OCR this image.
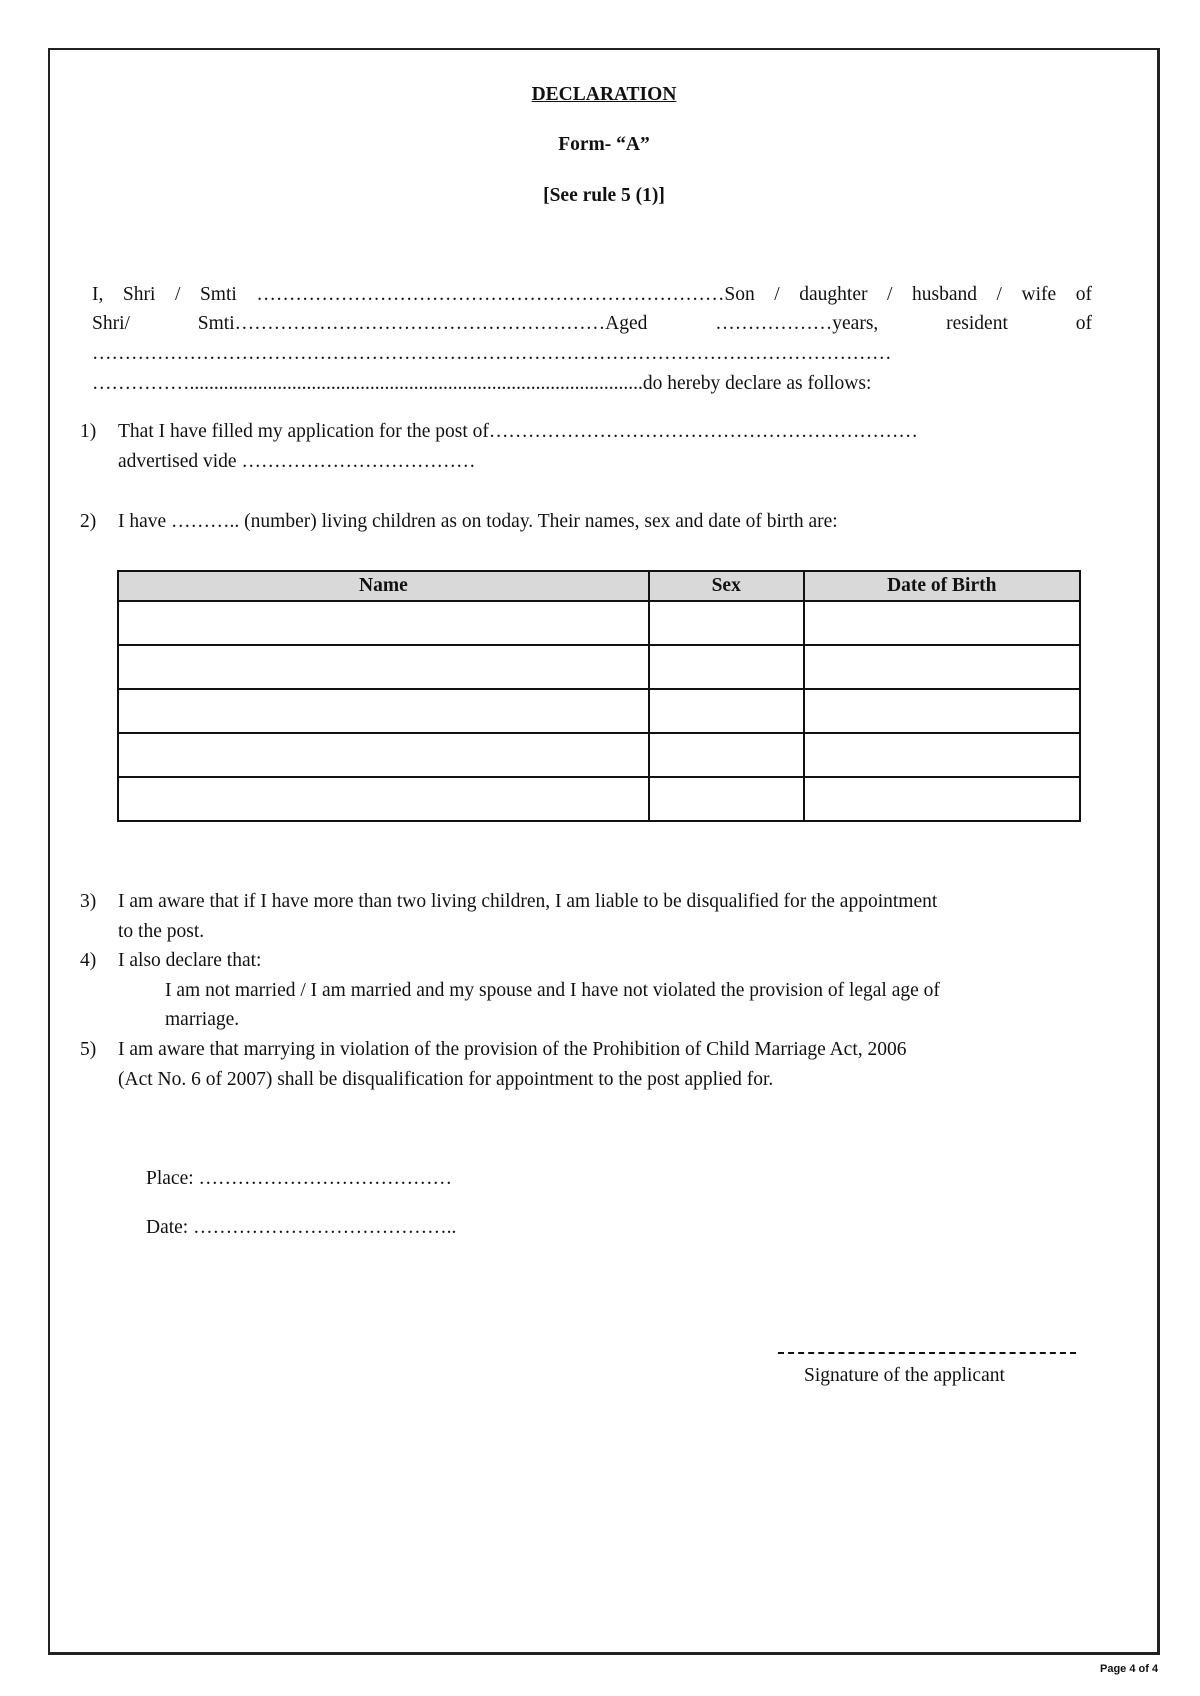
DECLARATION
Form- “A”
[See rule 5 (1)]
I, Shri / Smti ………………………………………………………………Son / daughter / husband / wife of
Shri/ Smti…………………………………………………Aged ………………years, resident of
……………………………………………………………………………………………………………
…………….............................................................................................do hereby declare as follows:
1) That I have filled my application for the post of…………………………………………………………
advertised vide ………………………………
2) I have ……….. (number) living children as on today. Their names, sex and date of birth are:
Name	Sex	Date of Birth

3) I am aware that if I have more than two living children, I am liable to be disqualified for the appointment
to the post.
4) I also declare that:
I am not married / I am married and my spouse and I have not violated the provision of legal age of
marriage.
5) I am aware that marrying in violation of the provision of the Prohibition of Child Marriage Act, 2006
(Act No. 6 of 2007) shall be disqualification for appointment to the post applied for.
Place: …………………………………
Date: …………………………………..
Signature of the applicant
Page 4 of 4
